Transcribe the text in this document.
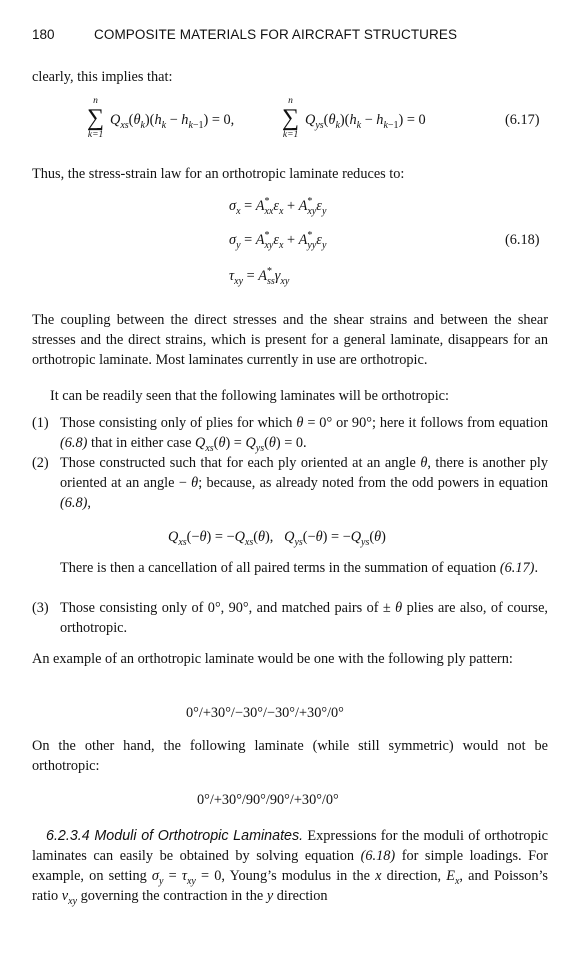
180	COMPOSITE MATERIALS FOR AIRCRAFT STRUCTURES

clearly, this implies that:

n
∑
k=1
$Q_{xs}(\theta_k)(h_k - h_{k-1}) = 0$,
n
∑
k=1
$Q_{ys}(\theta_k)(h_k - h_{k-1}) = 0$	(6.17)

Thus, the stress-strain law for an orthotropic laminate reduces to:

$\sigma_x = A^*_{xx}\varepsilon_x + A^*_{xy}\varepsilon_y$
$\sigma_y = A^*_{xy}\varepsilon_x + A^*_{yy}\varepsilon_y$
$\tau_{xy} = A^*_{ss}\gamma_{xy}$
(6.18)

The coupling between the direct stresses and the shear strains and between the shear stresses and the direct strains, which is present for a general laminate, disappears for an orthotropic laminate. Most laminates currently in use are orthotropic.

It can be readily seen that the following laminates will be orthotropic:

(1) Those consisting only of plies for which θ = 0° or 90°; here it follows from equation (6.8) that in either case $Q_{xs}(\theta) = Q_{ys}(\theta) = 0$.
(2) Those constructed such that for each ply oriented at an angle θ, there is another ply oriented at an angle − θ; because, as already noted from the odd powers in equation (6.8),
$Q_{xs}(-\theta) = -Q_{xs}(\theta)$,   $Q_{ys}(-\theta) = -Q_{ys}(\theta)$
There is then a cancellation of all paired terms in the summation of equation (6.17).
(3) Those consisting only of 0°, 90°, and matched pairs of ± θ plies are also, of course, orthotropic.

An example of an orthotropic laminate would be one with the following ply pattern:

0°/+30°/−30°/−30°/+30°/0°

On the other hand, the following laminate (while still symmetric) would not be orthotropic:

0°/+30°/90°/90°/+30°/0°

6.2.3.4 Moduli of Orthotropic Laminates. Expressions for the moduli of orthotropic laminates can easily be obtained by solving equation (6.18) for simple loadings. For example, on setting $\sigma_y = \tau_{xy} = 0$, Young’s modulus in the x direction, $E_x$, and Poisson’s ratio $\nu_{xy}$ governing the contraction in the y direction
